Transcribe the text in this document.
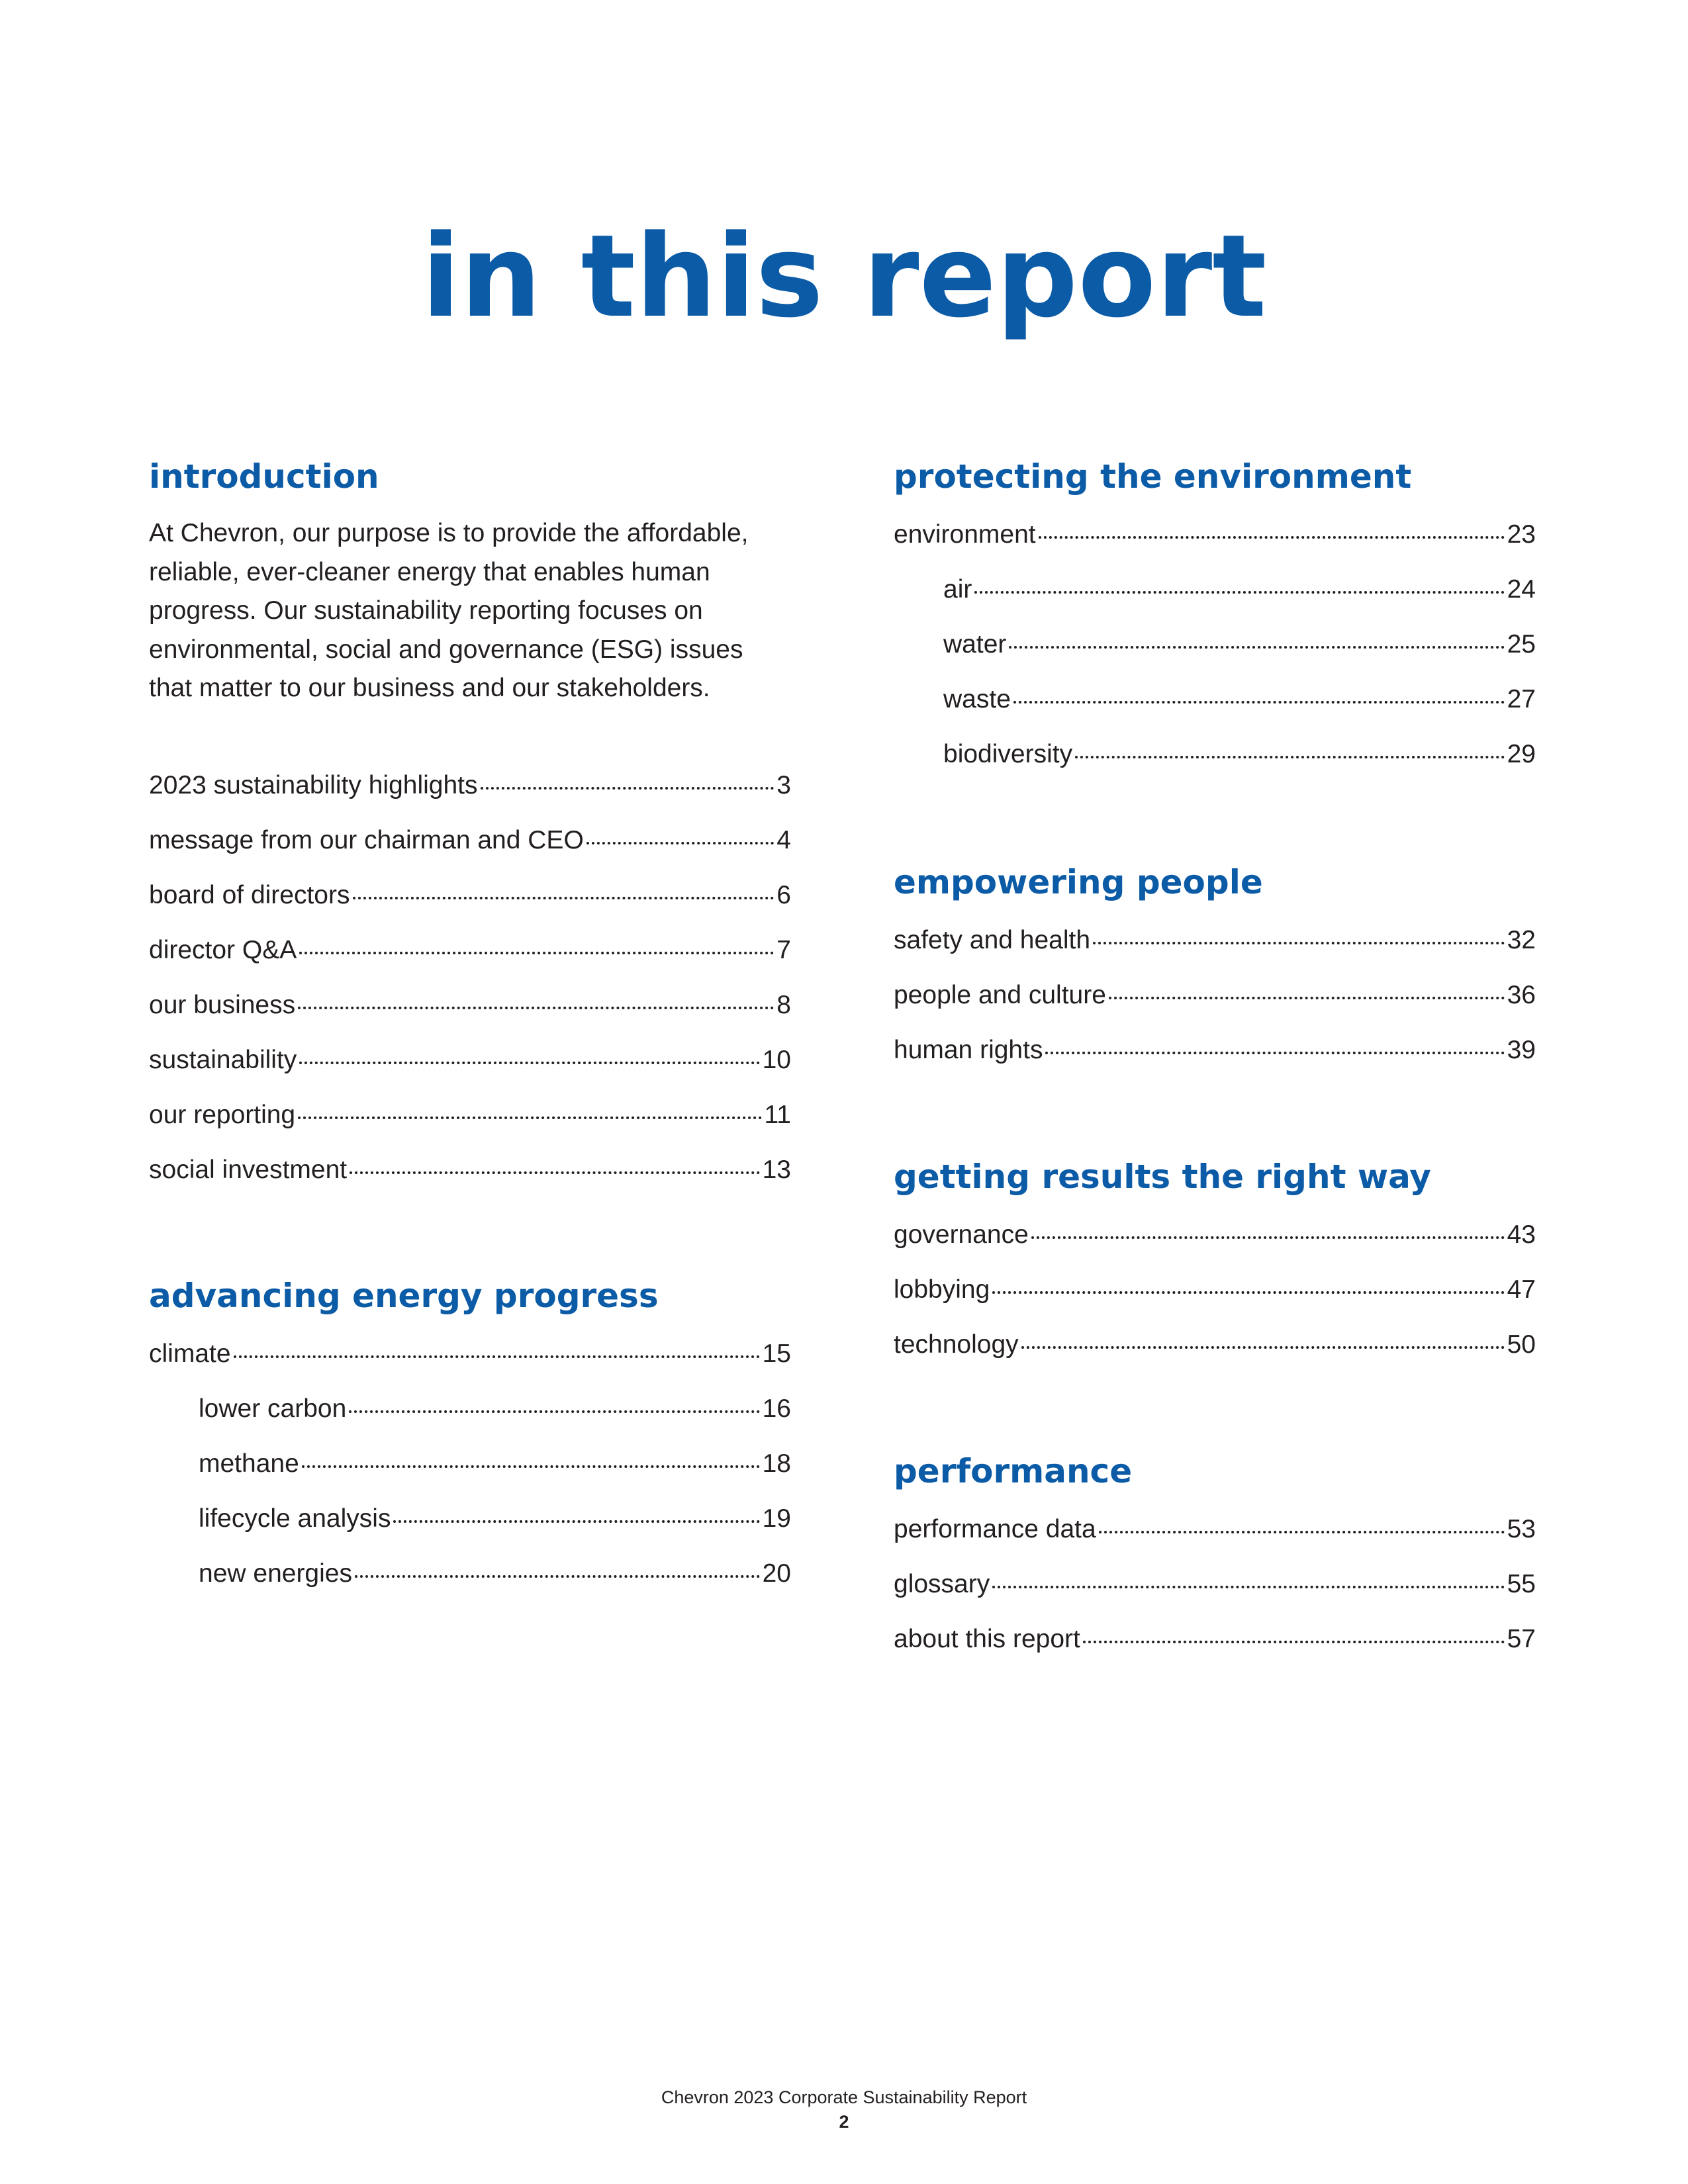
in this report
introduction
At Chevron, our purpose is to provide the affordable,
reliable, ever-cleaner energy that enables human
progress. Our sustainability reporting focuses on
environmental, social and governance (ESG) issues
that matter to our business and our stakeholders.
2023 sustainability highlights	3
message from our chairman and CEO	4
board of directors	6
director Q&A	7
our business	8
sustainability	10
our reporting	11
social investment	13
advancing energy progress
climate	15
lower carbon	16
methane	18
lifecycle analysis	19
new energies	20
protecting the environment
environment	23
air	24
water	25
waste	27
biodiversity	29
empowering people
safety and health	32
people and culture	36
human rights	39
getting results the right way
governance	43
lobbying	47
technology	50
performance
performance data	53
glossary	55
about this report	57
Chevron 2023 Corporate Sustainability Report
2
